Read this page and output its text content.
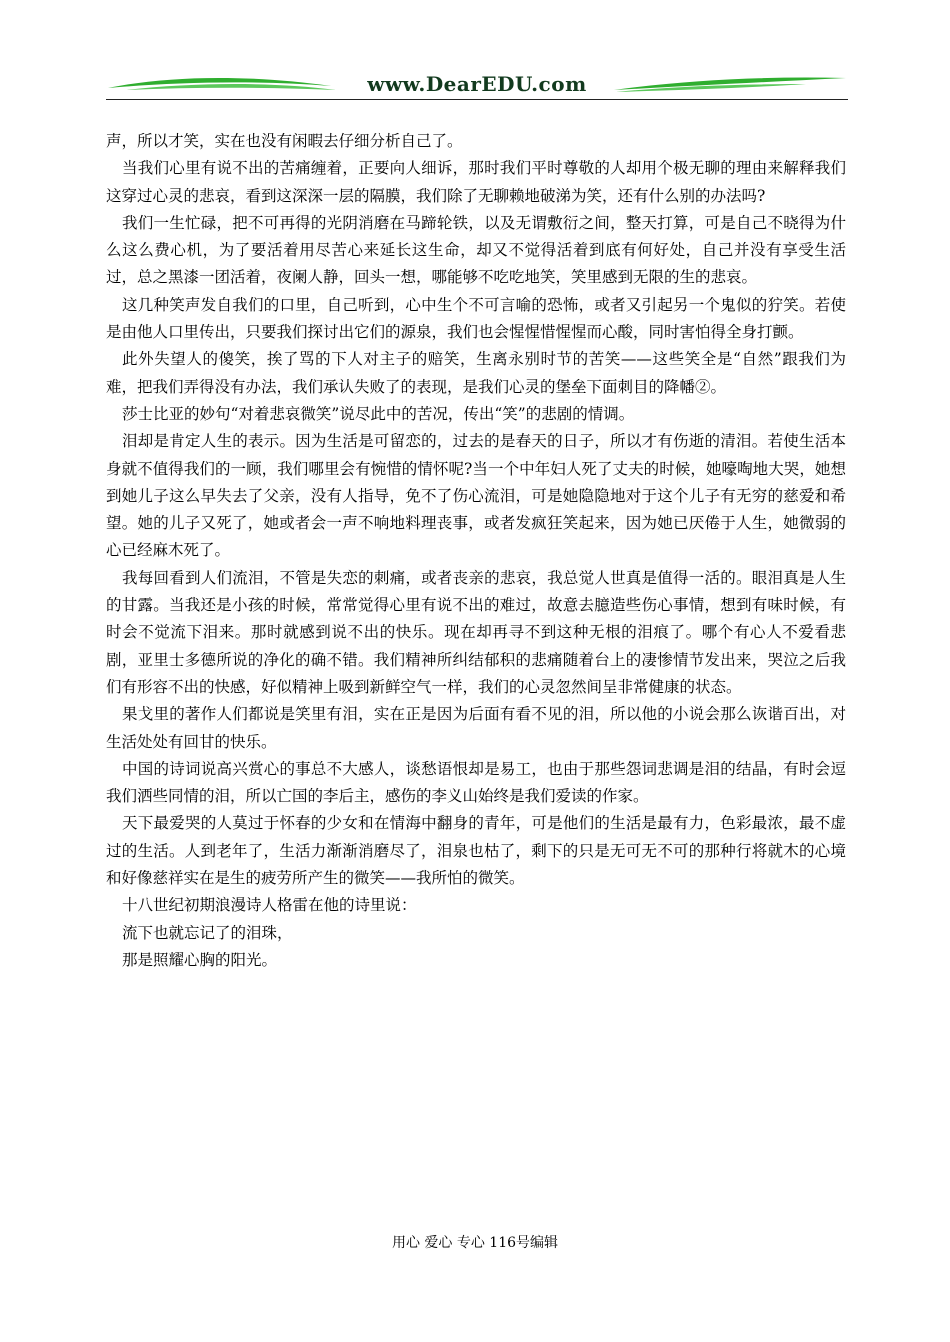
www.DearEDU.com

声，所以才笑，实在也没有闲暇去仔细分析自己了。

当我们心里有说不出的苦痛缠着，正要向人细诉，那时我们平时尊敬的人却用个极无聊的理由来解释我们这穿过心灵的悲哀，看到这深深一层的隔膜，我们除了无聊赖地破涕为笑，还有什么别的办法吗?

我们一生忙碌，把不可再得的光阴消磨在马蹄轮铁，以及无谓敷衍之间，整天打算，可是自己不晓得为什么这么费心机，为了要活着用尽苦心来延长这生命，却又不觉得活着到底有何好处，自己并没有享受生活过，总之黑漆一团活着，夜阑人静，回头一想，哪能够不吃吃地笑，笑里感到无限的生的悲哀。

这几种笑声发自我们的口里，自己听到，心中生个不可言喻的恐怖，或者又引起另一个鬼似的狞笑。若使是由他人口里传出，只要我们探讨出它们的源泉，我们也会惺惺惜惺惺而心酸，同时害怕得全身打颤。

此外失望人的傻笑，挨了骂的下人对主子的赔笑，生离永别时节的苦笑——这些笑全是“自然”跟我们为难，把我们弄得没有办法，我们承认失败了的表现，是我们心灵的堡垒下面刺目的降幡②。

莎士比亚的妙句“对着悲哀微笑”说尽此中的苦况，传出“笑”的悲剧的情调。

泪却是肯定人生的表示。因为生活是可留恋的，过去的是春天的日子，所以才有伤逝的清泪。若使生活本身就不值得我们的一顾，我们哪里会有惋惜的情怀呢?当一个中年妇人死了丈夫的时候，她嚎啕地大哭，她想到她儿子这么早失去了父亲，没有人指导，免不了伤心流泪，可是她隐隐地对于这个儿子有无穷的慈爱和希望。她的儿子又死了，她或者会一声不响地料理丧事，或者发疯狂笑起来，因为她已厌倦于人生，她微弱的心已经麻木死了。

我每回看到人们流泪，不管是失恋的刺痛，或者丧亲的悲哀，我总觉人世真是值得一活的。眼泪真是人生的甘露。当我还是小孩的时候，常常觉得心里有说不出的难过，故意去臆造些伤心事情，想到有味时候，有时会不觉流下泪来。那时就感到说不出的快乐。现在却再寻不到这种无根的泪痕了。哪个有心人不爱看悲剧，亚里士多德所说的净化的确不错。我们精神所纠结郁积的悲痛随着台上的凄惨情节发出来，哭泣之后我们有形容不出的快感，好似精神上吸到新鲜空气一样，我们的心灵忽然间呈非常健康的状态。

果戈里的著作人们都说是笑里有泪，实在正是因为后面有看不见的泪，所以他的小说会那么诙谐百出，对生活处处有回甘的快乐。

中国的诗词说高兴赏心的事总不大感人，谈愁语恨却是易工，也由于那些怨词悲调是泪的结晶，有时会逗我们洒些同情的泪，所以亡国的李后主，感伤的李义山始终是我们爱读的作家。

天下最爱哭的人莫过于怀春的少女和在情海中翻身的青年，可是他们的生活是最有力，色彩最浓，最不虚过的生活。人到老年了，生活力渐渐消磨尽了，泪泉也枯了，剩下的只是无可无不可的那种行将就木的心境和好像慈祥实在是生的疲劳所产生的微笑——我所怕的微笑。

十八世纪初期浪漫诗人格雷在他的诗里说：

流下也就忘记了的泪珠，

那是照耀心胸的阳光。

用心 爱心 专心 116号编辑
